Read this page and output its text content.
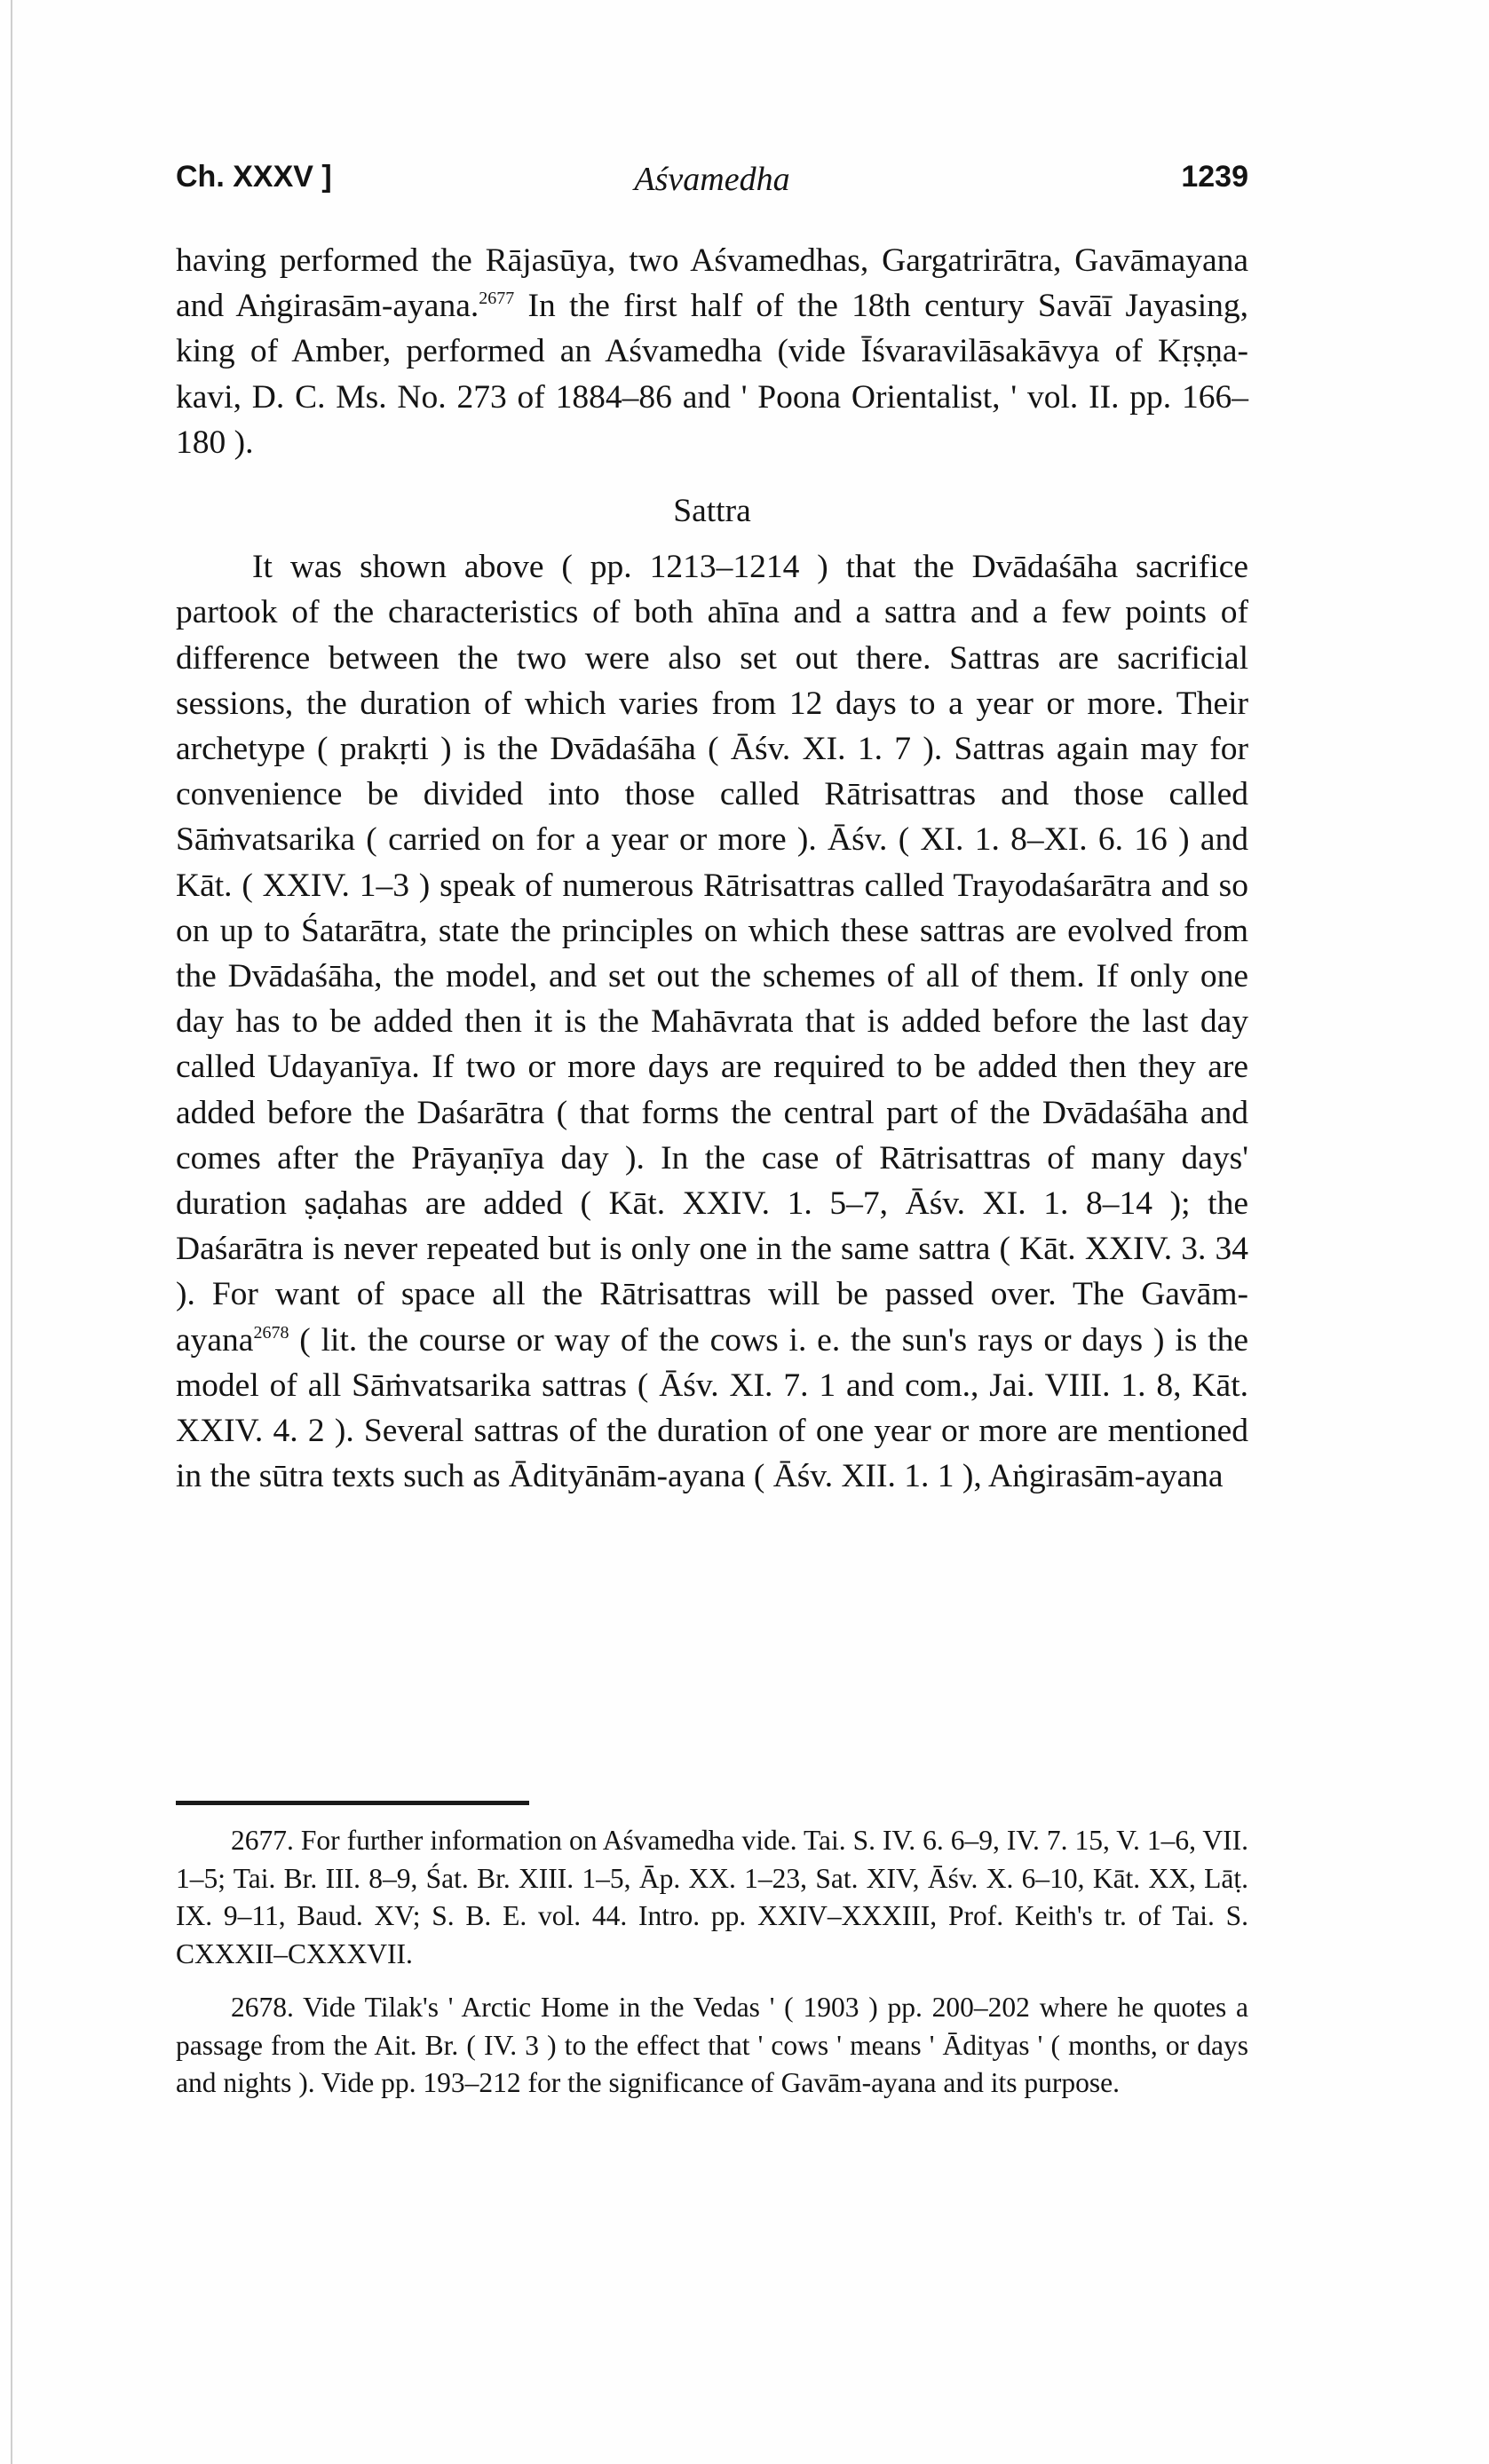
Ch. XXXV ]	Aśvamedha	1239

having performed the Rājasūya, two Aśvamedhas, Gargatrirātra, Gavāmayana and Aṅgirasām-ayana.$^{2677}$ In the first half of the 18th century Savāī Jayasing, king of Amber, performed an Aśvamedha (vide Īśvaravilāsakāvya of Kṛṣṇa-kavi, D. C. Ms. No. 273 of 1884–86 and ' Poona Orientalist, ' vol. II. pp. 166–180 ).

Sattra

It was shown above ( pp. 1213–1214 ) that the Dvādaśāha sacrifice partook of the characteristics of both ahīna and a sattra and a few points of difference between the two were also set out there. Sattras are sacrificial sessions, the duration of which varies from 12 days to a year or more. Their archetype ( prakṛti ) is the Dvādaśāha ( Āśv. XI. 1. 7 ). Sattras again may for convenience be divided into those called Rātrisattras and those called Sāṁvatsarika ( carried on for a year or more ). Āśv. ( XI. 1. 8–XI. 6. 16 ) and Kāt. ( XXIV. 1–3 ) speak of numerous Rātrisattras called Trayodaśarātra and so on up to Śatarātra, state the principles on which these sattras are evolved from the Dvādaśāha, the model, and set out the schemes of all of them. If only one day has to be added then it is the Mahāvrata that is added before the last day called Udayanīya. If two or more days are required to be added then they are added before the Daśarātra ( that forms the central part of the Dvādaśāha and comes after the Prāyaṇīya day ). In the case of Rātrisattras of many days' duration ṣaḍahas are added ( Kāt. XXIV. 1. 5–7, Āśv. XI. 1. 8–14 ); the Daśarātra is never repeated but is only one in the same sattra ( Kāt. XXIV. 3. 34 ). For want of space all the Rātrisattras will be passed over. The Gavām-ayana$^{2678}$ ( lit. the course or way of the cows i. e. the sun's rays or days ) is the model of all Sāṁvatsarika sattras ( Āśv. XI. 7. 1 and com., Jai. VIII. 1. 8, Kāt. XXIV. 4. 2 ). Several sattras of the duration of one year or more are mentioned in the sūtra texts such as Ādityānām-ayana ( Āśv. XII. 1. 1 ), Aṅgirasām-ayana

2677. For further information on Aśvamedha vide. Tai. S. IV. 6. 6–9, IV. 7. 15, V. 1–6, VII. 1–5; Tai. Br. III. 8–9, Śat. Br. XIII. 1–5, Āp. XX. 1–23, Sat. XIV, Āśv. X. 6–10, Kāt. XX, Lāṭ. IX. 9–11, Baud. XV; S. B. E. vol. 44. Intro. pp. XXIV–XXXIII, Prof. Keith's tr. of Tai. S. CXXXII–CXXXVII.

2678. Vide Tilak's ' Arctic Home in the Vedas ' ( 1903 ) pp. 200–202 where he quotes a passage from the Ait. Br. ( IV. 3 ) to the effect that ' cows ' means ' Ādityas ' ( months, or days and nights ). Vide pp. 193–212 for the significance of Gavām-ayana and its purpose.
